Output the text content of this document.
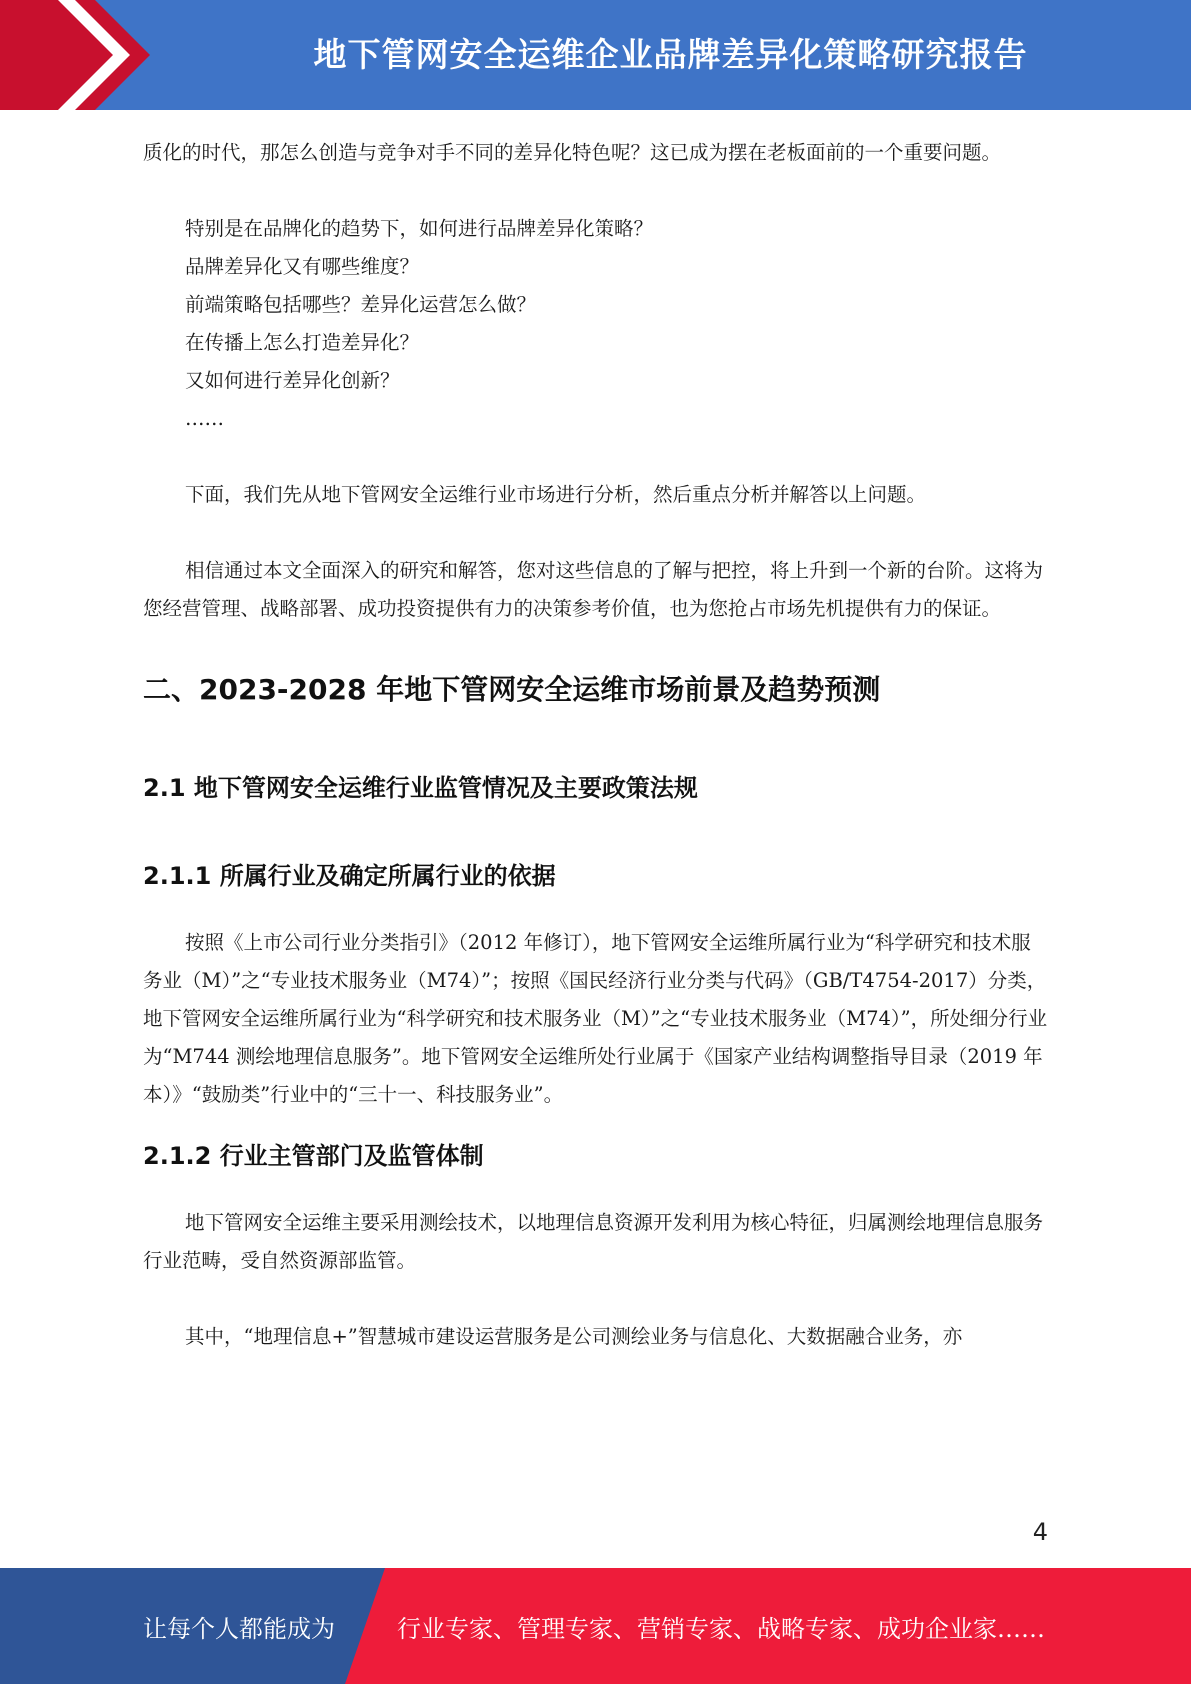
地下管网安全运维企业品牌差异化策略研究报告

质化的时代，那怎么创造与竞争对手不同的差异化特色呢？这已成为摆在老板面前的一个重要问题。

特别是在品牌化的趋势下，如何进行品牌差异化策略？
品牌差异化又有哪些维度？
前端策略包括哪些？差异化运营怎么做？
在传播上怎么打造差异化？
又如何进行差异化创新？
……

下面，我们先从地下管网安全运维行业市场进行分析，然后重点分析并解答以上问题。

相信通过本文全面深入的研究和解答，您对这些信息的了解与把控，将上升到一个新的台阶。这将为您经营管理、战略部署、成功投资提供有力的决策参考价值，也为您抢占市场先机提供有力的保证。

二、2023-2028 年地下管网安全运维市场前景及趋势预测
2.1 地下管网安全运维行业监管情况及主要政策法规
2.1.1 所属行业及确定所属行业的依据

按照《上市公司行业分类指引》（2012 年修订），地下管网安全运维所属行业为“科学研究和技术服务业（M）”之“专业技术服务业（M74）”；按照《国民经济行业分类与代码》（GB/T4754-2017）分类，地下管网安全运维所属行业为“科学研究和技术服务业（M）”之“专业技术服务业（M74）”，所处细分行业为“M744 测绘地理信息服务”。地下管网安全运维所处行业属于《国家产业结构调整指导目录（2019 年本）》“鼓励类”行业中的“三十一、科技服务业”。

2.1.2 行业主管部门及监管体制

地下管网安全运维主要采用测绘技术，以地理信息资源开发利用为核心特征，归属测绘地理信息服务行业范畴，受自然资源部监管。

其中，“地理信息+”智慧城市建设运营服务是公司测绘业务与信息化、大数据融合业务，亦

4
让每个人都能成为	行业专家、管理专家、营销专家、战略专家、成功企业家……
